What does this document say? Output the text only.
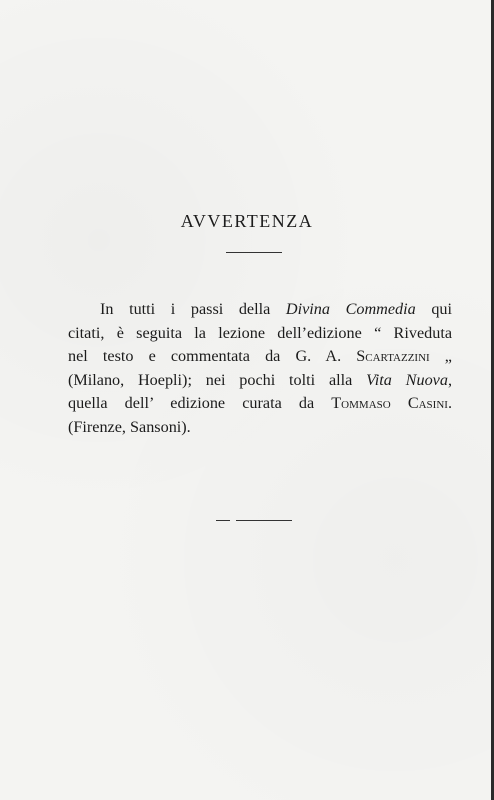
AVVERTENZA
In tutti i passi della Divina Commedia qui
citati, è seguita la lezione dell’edizione “ Riveduta
nel testo e commentata da G. A. Scartazzini „
(Milano, Hoepli); nei pochi tolti alla Vita Nuova,
quella dell’ edizione curata da Tommaso Casini.
(Firenze, Sansoni).
